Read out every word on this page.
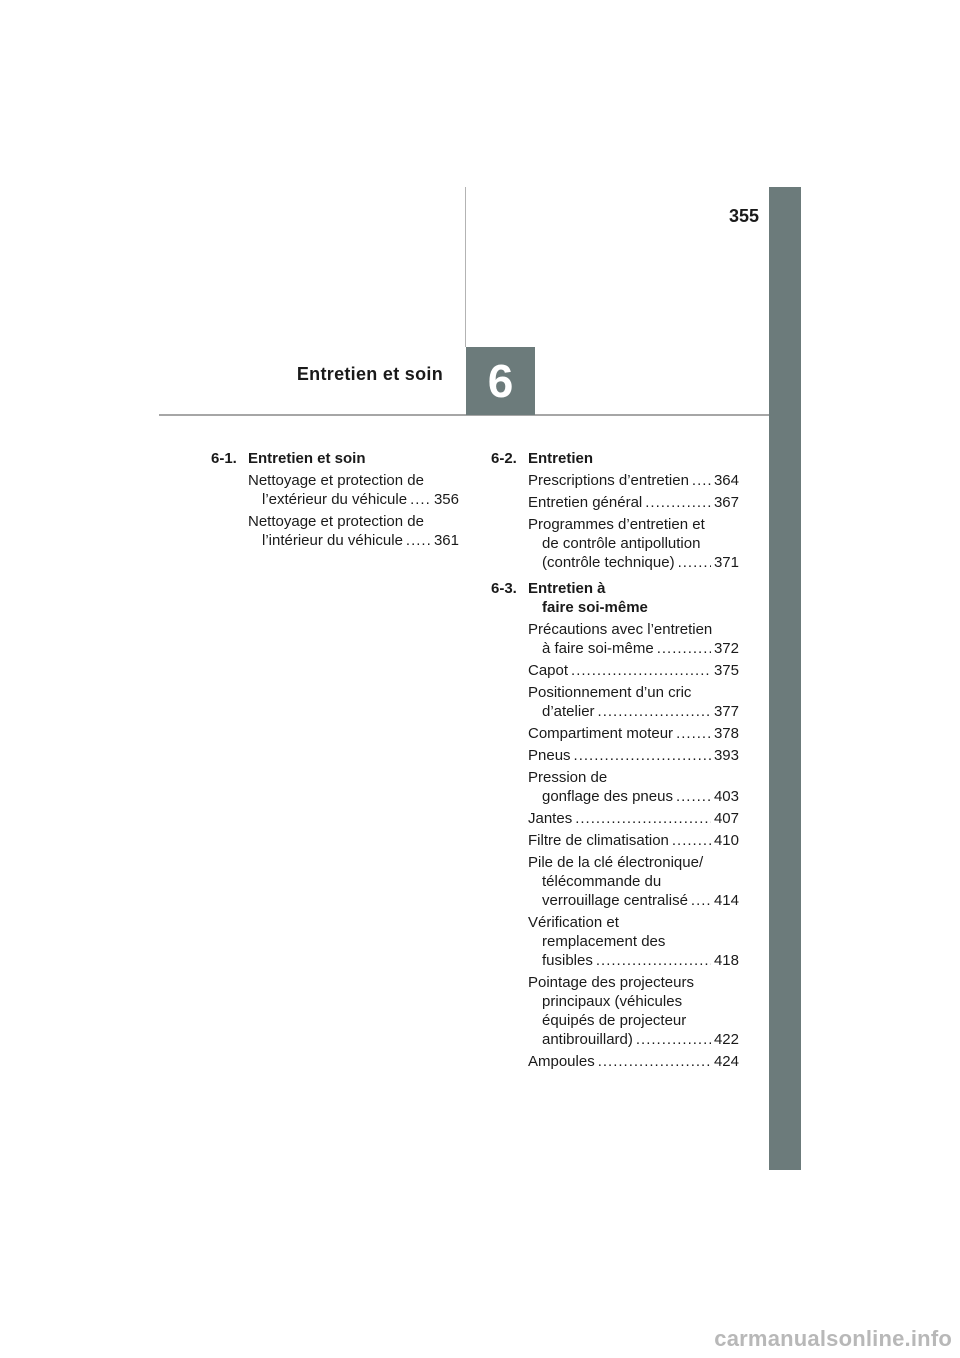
6
355
Entretien et soin
6-1. Entretien et soin
Nettoyage et protection de
l’extérieur du véhicule ..... 356
Nettoyage et protection de
l’intérieur du véhicule ..... 361
6-2. Entretien
Prescriptions d’entretien ..... 364
Entretien général .....	367
Programmes d’entretien et
de contrôle antipollution
(contrôle technique) .....	371
6-3. Entretien à
faire soi-même
Précautions avec l’entretien
à faire soi-même .....	372
Capot .....	375
Positionnement d’un cric
d’atelier .....	377
Compartiment moteur .....	378
Pneus .....	393
Pression de
gonflage des pneus .....	403
Jantes .....	407
Filtre de climatisation .....	410
Pile de la clé électronique/
télécommande du
verrouillage centralisé ..... 414
Vérification et
remplacement des
fusibles .....	418
Pointage des projecteurs
principaux (véhicules
équipés de projecteur
antibrouillard) .....	422
Ampoules .....	424
carmanualsonline.info
